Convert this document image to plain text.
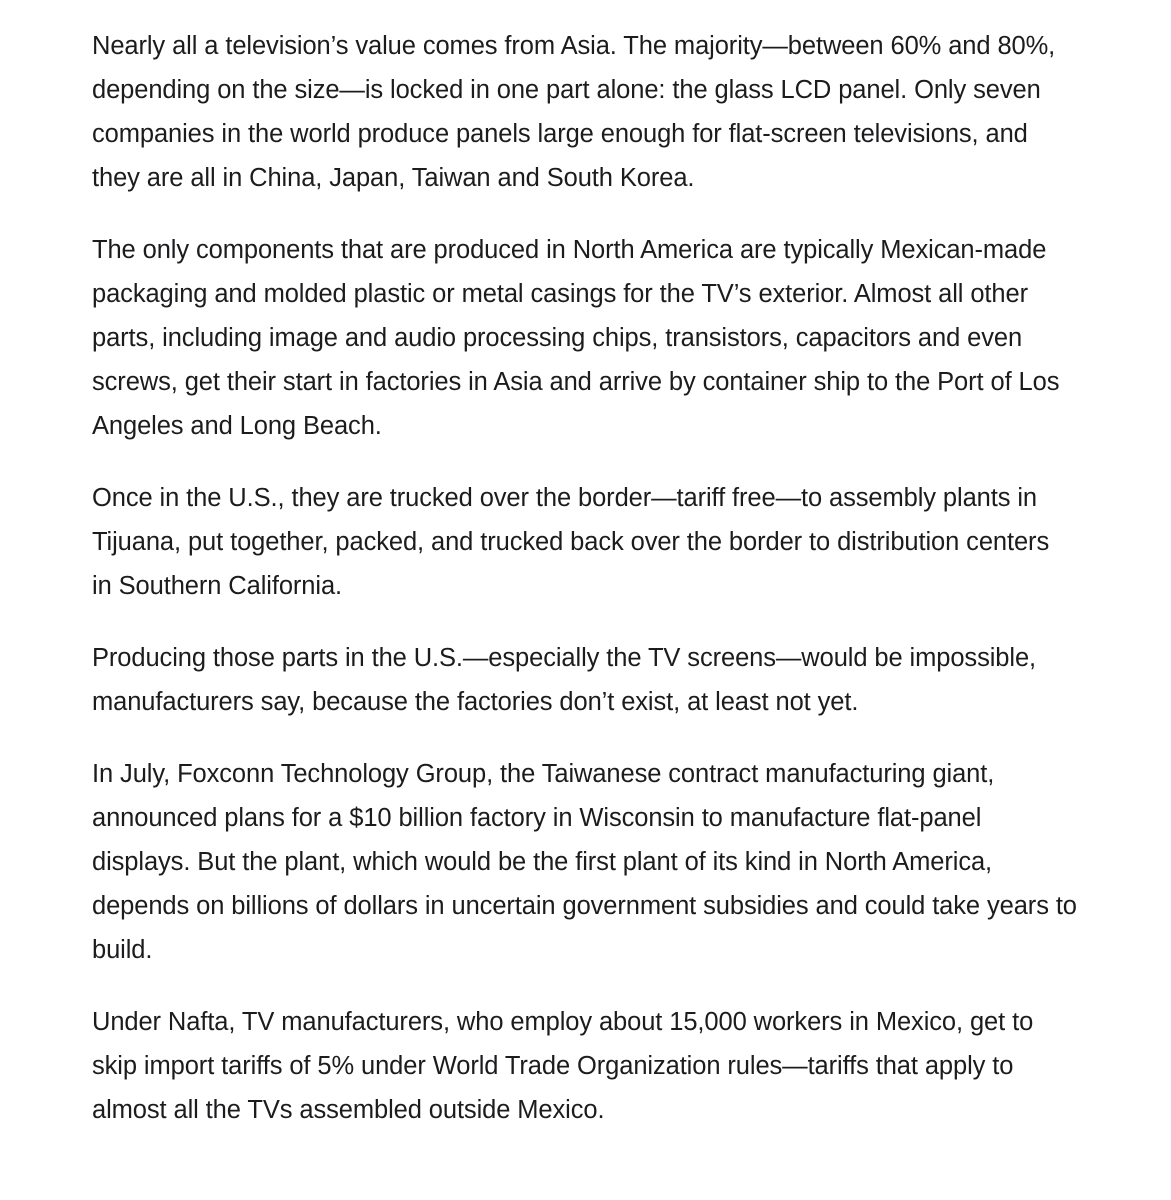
Nearly all a television’s value comes from Asia. The majority—between 60% and 80%, depending on the size—is locked in one part alone: the glass LCD panel. Only seven companies in the world produce panels large enough for flat-screen televisions, and they are all in China, Japan, Taiwan and South Korea.

The only components that are produced in North America are typically Mexican-made packaging and molded plastic or metal casings for the TV’s exterior. Almost all other parts, including image and audio processing chips, transistors, capacitors and even screws, get their start in factories in Asia and arrive by container ship to the Port of Los Angeles and Long Beach.

Once in the U.S., they are trucked over the border—tariff free—to assembly plants in Tijuana, put together, packed, and trucked back over the border to distribution centers in Southern California.

Producing those parts in the U.S.—especially the TV screens—would be impossible, manufacturers say, because the factories don’t exist, at least not yet.

In July, Foxconn Technology Group, the Taiwanese contract manufacturing giant, announced plans for a $10 billion factory in Wisconsin to manufacture flat-panel displays. But the plant, which would be the first plant of its kind in North America, depends on billions of dollars in uncertain government subsidies and could take years to build.

Under Nafta, TV manufacturers, who employ about 15,000 workers in Mexico, get to skip import tariffs of 5% under World Trade Organization rules—tariffs that apply to almost all the TVs assembled outside Mexico.
